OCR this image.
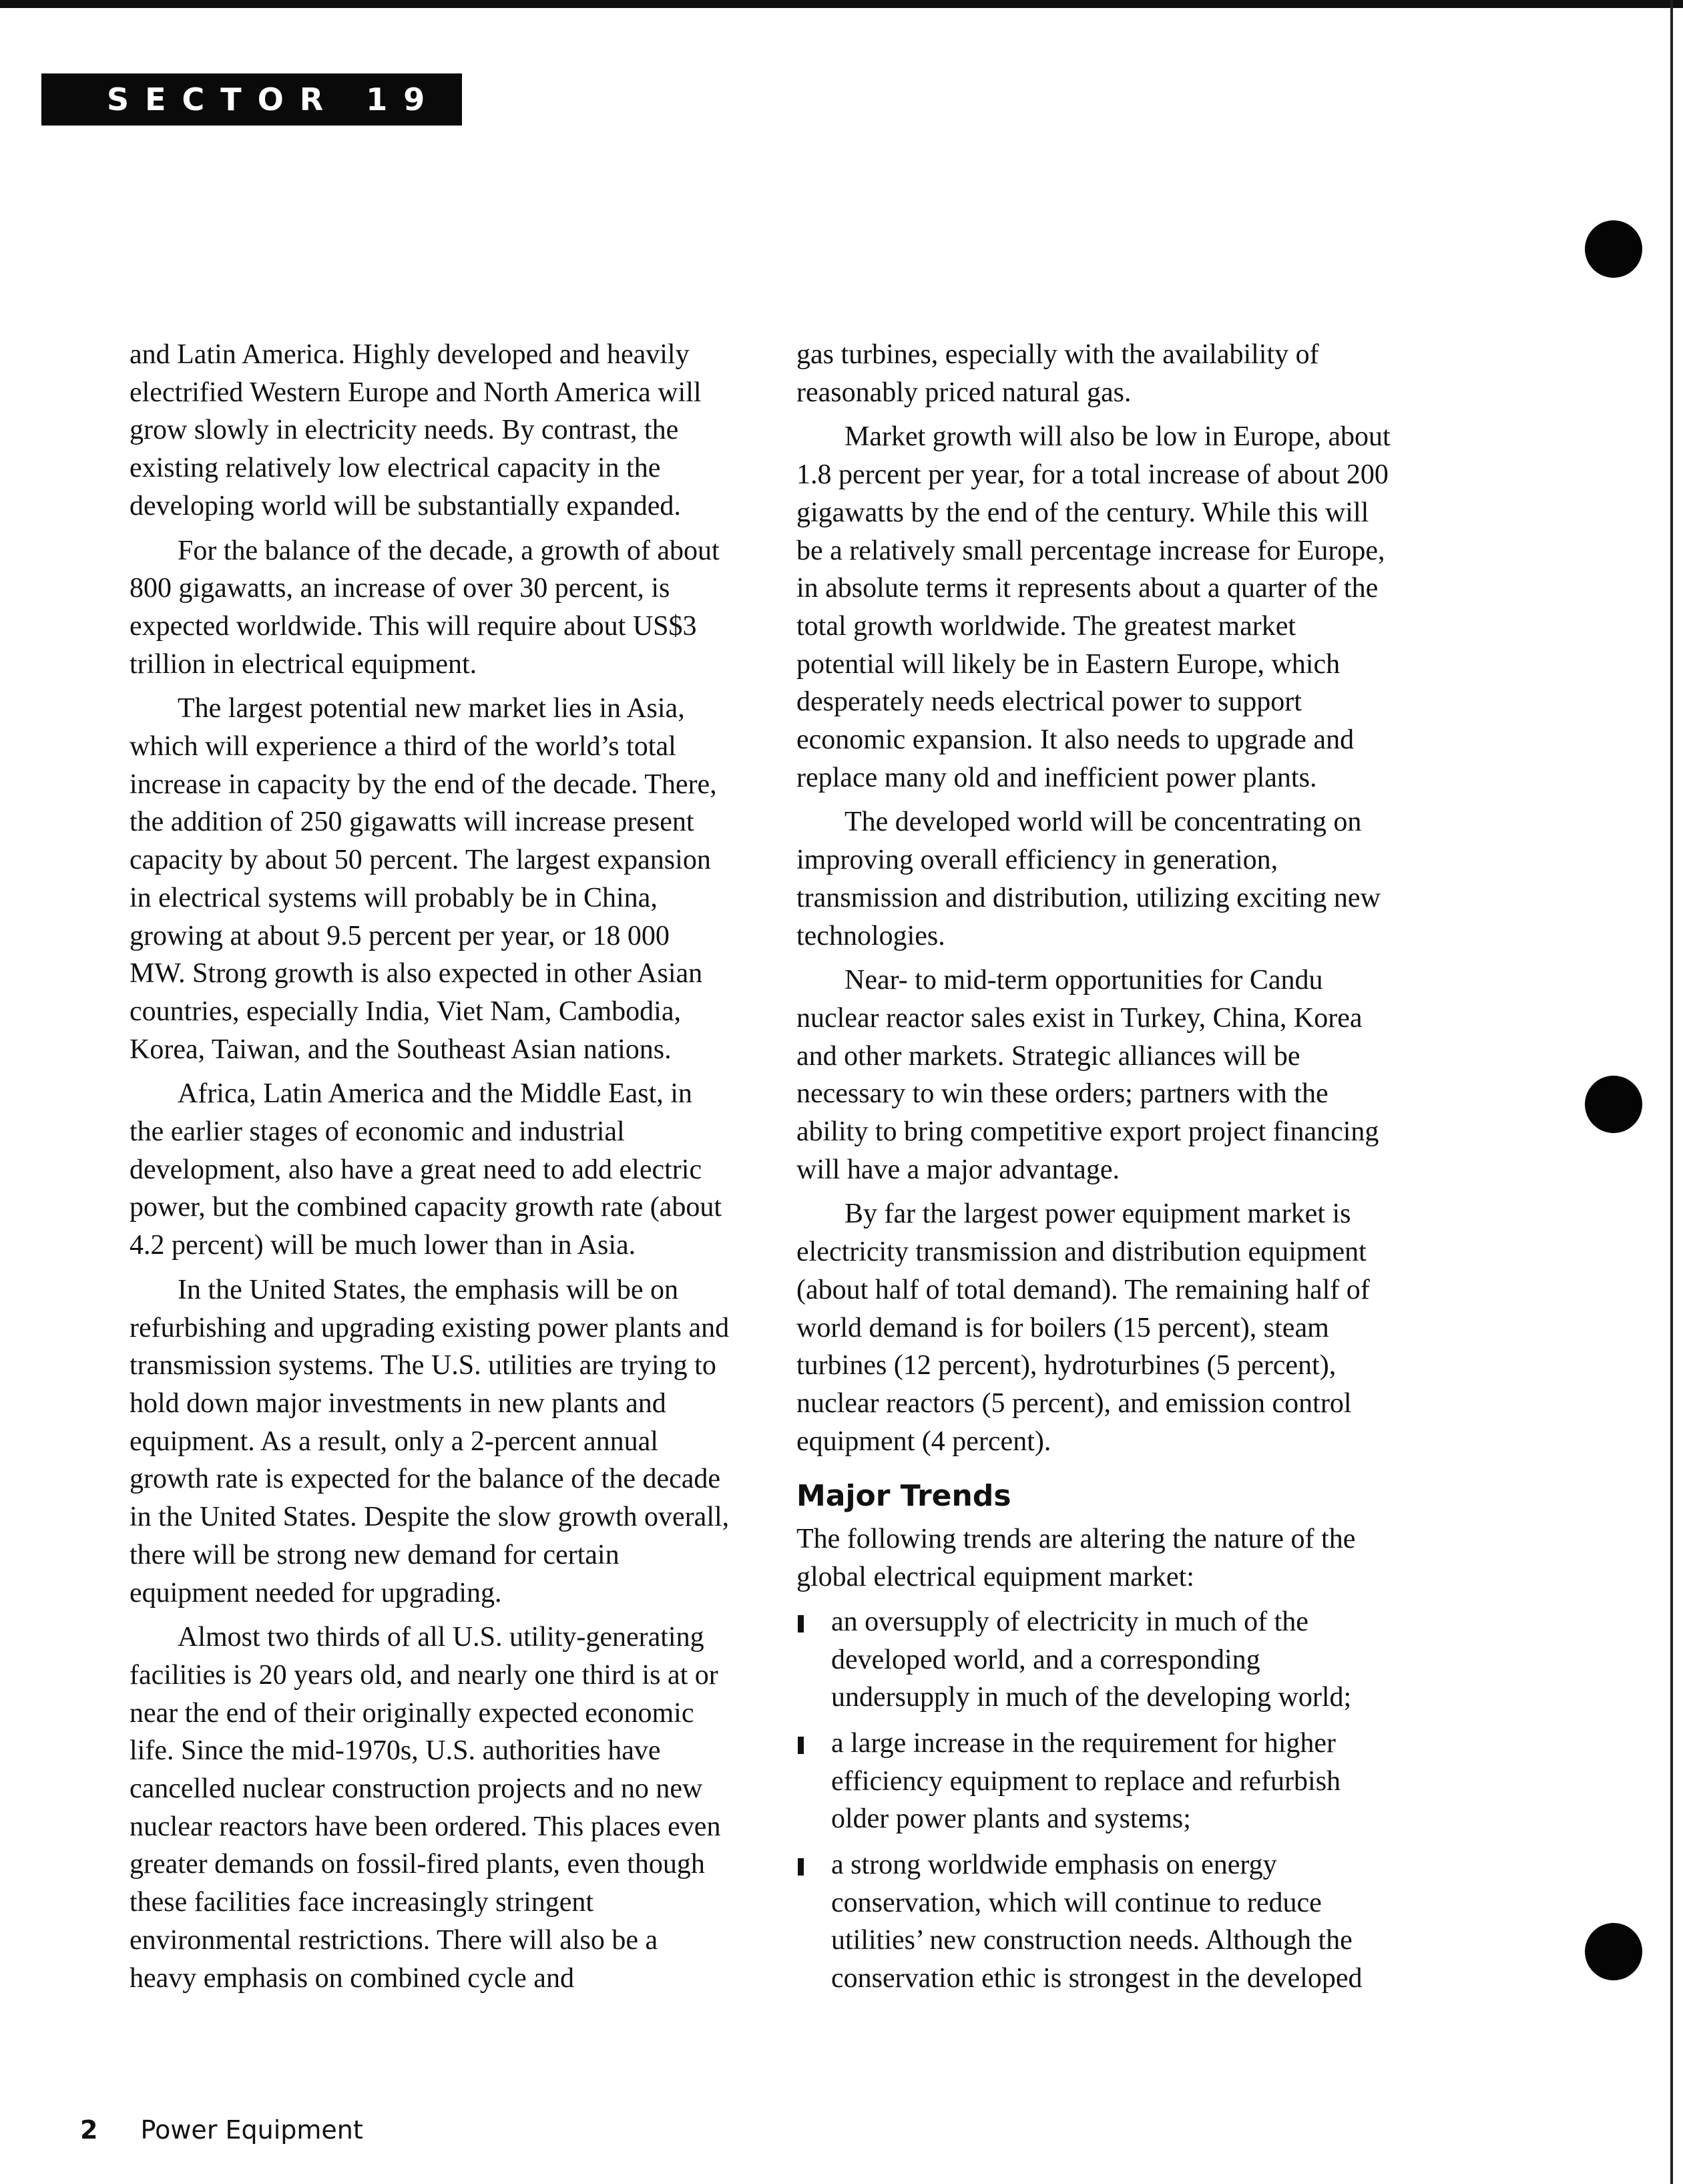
SECTOR 19

and Latin America. Highly developed and heavily electrified Western Europe and North America will grow slowly in electricity needs. By contrast, the existing relatively low electrical capacity in the developing world will be substantially expanded.

For the balance of the decade, a growth of about 800 gigawatts, an increase of over 30 percent, is expected worldwide. This will require about US$3 trillion in electrical equipment.

The largest potential new market lies in Asia, which will experience a third of the world’s total increase in capacity by the end of the decade. There, the addition of 250 gigawatts will increase present capacity by about 50 percent. The largest expansion in electrical systems will probably be in China, growing at about 9.5 percent per year, or 18 000 MW. Strong growth is also expected in other Asian countries, especially India, Viet Nam, Cambodia, Korea, Taiwan, and the Southeast Asian nations.

Africa, Latin America and the Middle East, in the earlier stages of economic and industrial development, also have a great need to add electric power, but the combined capacity growth rate (about 4.2 percent) will be much lower than in Asia.

In the United States, the emphasis will be on refurbishing and upgrading existing power plants and transmission systems. The U.S. utilities are trying to hold down major investments in new plants and equipment. As a result, only a 2-percent annual growth rate is expected for the balance of the decade in the United States. Despite the slow growth overall, there will be strong new demand for certain equipment needed for upgrading.

Almost two thirds of all U.S. utility-generating facilities is 20 years old, and nearly one third is at or near the end of their originally expected economic life. Since the mid-1970s, U.S. authorities have cancelled nuclear construction projects and no new nuclear reactors have been ordered. This places even greater demands on fossil-fired plants, even though these facilities face increasingly stringent environmental restrictions. There will also be a heavy emphasis on combined cycle and

gas turbines, especially with the availability of reasonably priced natural gas.

Market growth will also be low in Europe, about 1.8 percent per year, for a total increase of about 200 gigawatts by the end of the century. While this will be a relatively small percentage increase for Europe, in absolute terms it represents about a quarter of the total growth worldwide. The greatest market potential will likely be in Eastern Europe, which desperately needs electrical power to support economic expansion. It also needs to upgrade and replace many old and inefficient power plants.

The developed world will be concentrating on improving overall efficiency in generation, transmission and distribution, utilizing exciting new technologies.

Near- to mid-term opportunities for Candu nuclear reactor sales exist in Turkey, China, Korea and other markets. Strategic alliances will be necessary to win these orders; partners with the ability to bring competitive export project financing will have a major advantage.

By far the largest power equipment market is electricity transmission and distribution equipment (about half of total demand). The remaining half of world demand is for boilers (15 percent), steam turbines (12 percent), hydroturbines (5 percent), nuclear reactors (5 percent), and emission control equipment (4 percent).

Major Trends

The following trends are altering the nature of the global electrical equipment market:

an oversupply of electricity in much of the developed world, and a corresponding undersupply in much of the developing world;
a large increase in the requirement for higher efficiency equipment to replace and refurbish older power plants and systems;
a strong worldwide emphasis on energy conservation, which will continue to reduce utilities’ new construction needs. Although the conservation ethic is strongest in the developed
2 Power Equipment
